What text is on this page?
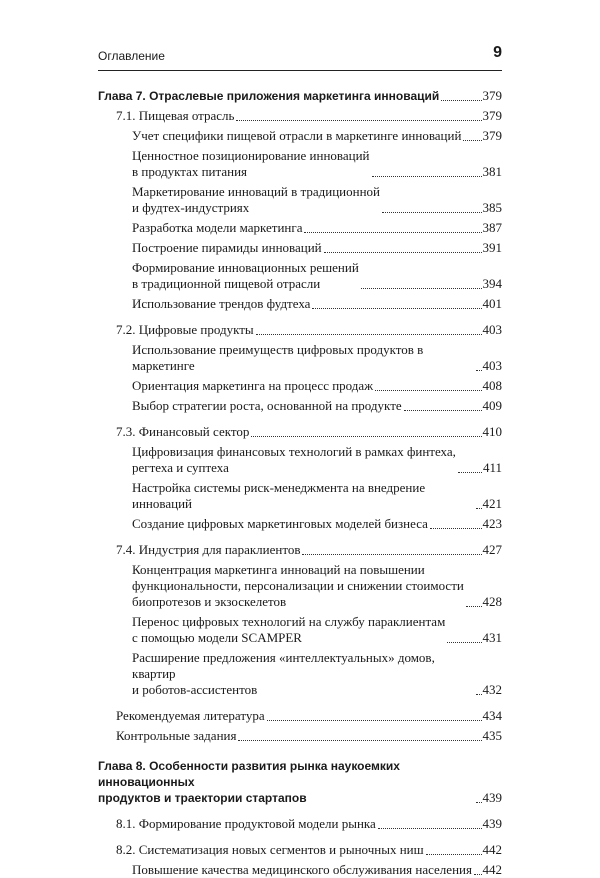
Оглавление	9
Глава 7. Отраслевые приложения маркетинга инноваций	379
7.1. Пищевая отрасль	379
Учет специфики пищевой отрасли в маркетинге инноваций 379
Ценностное позиционирование инноваций
в продуктах питания	381
Маркетирование инноваций в традиционной
и фудтех-индустриях	385
Разработка модели маркетинга	387
Построение пирамиды инноваций	391
Формирование инновационных решений
в традиционной пищевой отрасли	394
Использование трендов фудтеха	401
7.2. Цифровые продукты	403
Использование преимуществ цифровых продуктов в маркетинге	403
Ориентация маркетинга на процесс продаж	408
Выбор стратегии роста, основанной на продукте	409
7.3. Финансовый сектор	410
Цифровизация финансовых технологий в рамках финтеха,
регтеха и суптеха	411
Настройка системы риск-менеджмента на внедрение инноваций	421
Создание цифровых маркетинговых моделей бизнеса	423
7.4. Индустрия для параклиентов	427
Концентрация маркетинга инноваций на повышении
функциональности, персонализации и снижении стоимости
биопротезов и экзоскелетов	428
Перенос цифровых технологий на службу параклиентам
с помощью модели SCAMPER	431
Расширение предложения «интеллектуальных» домов, квартир
и роботов-ассистентов	432
Рекомендуемая литература	434
Контрольные задания	435
Глава 8. Особенности развития рынка наукоемких инновационных
продуктов и траектории стартапов	439
8.1. Формирование продуктовой модели рынка	439
8.2. Систематизация новых сегментов и рыночных ниш	442
Повышение качества медицинского обслуживания населения 442
